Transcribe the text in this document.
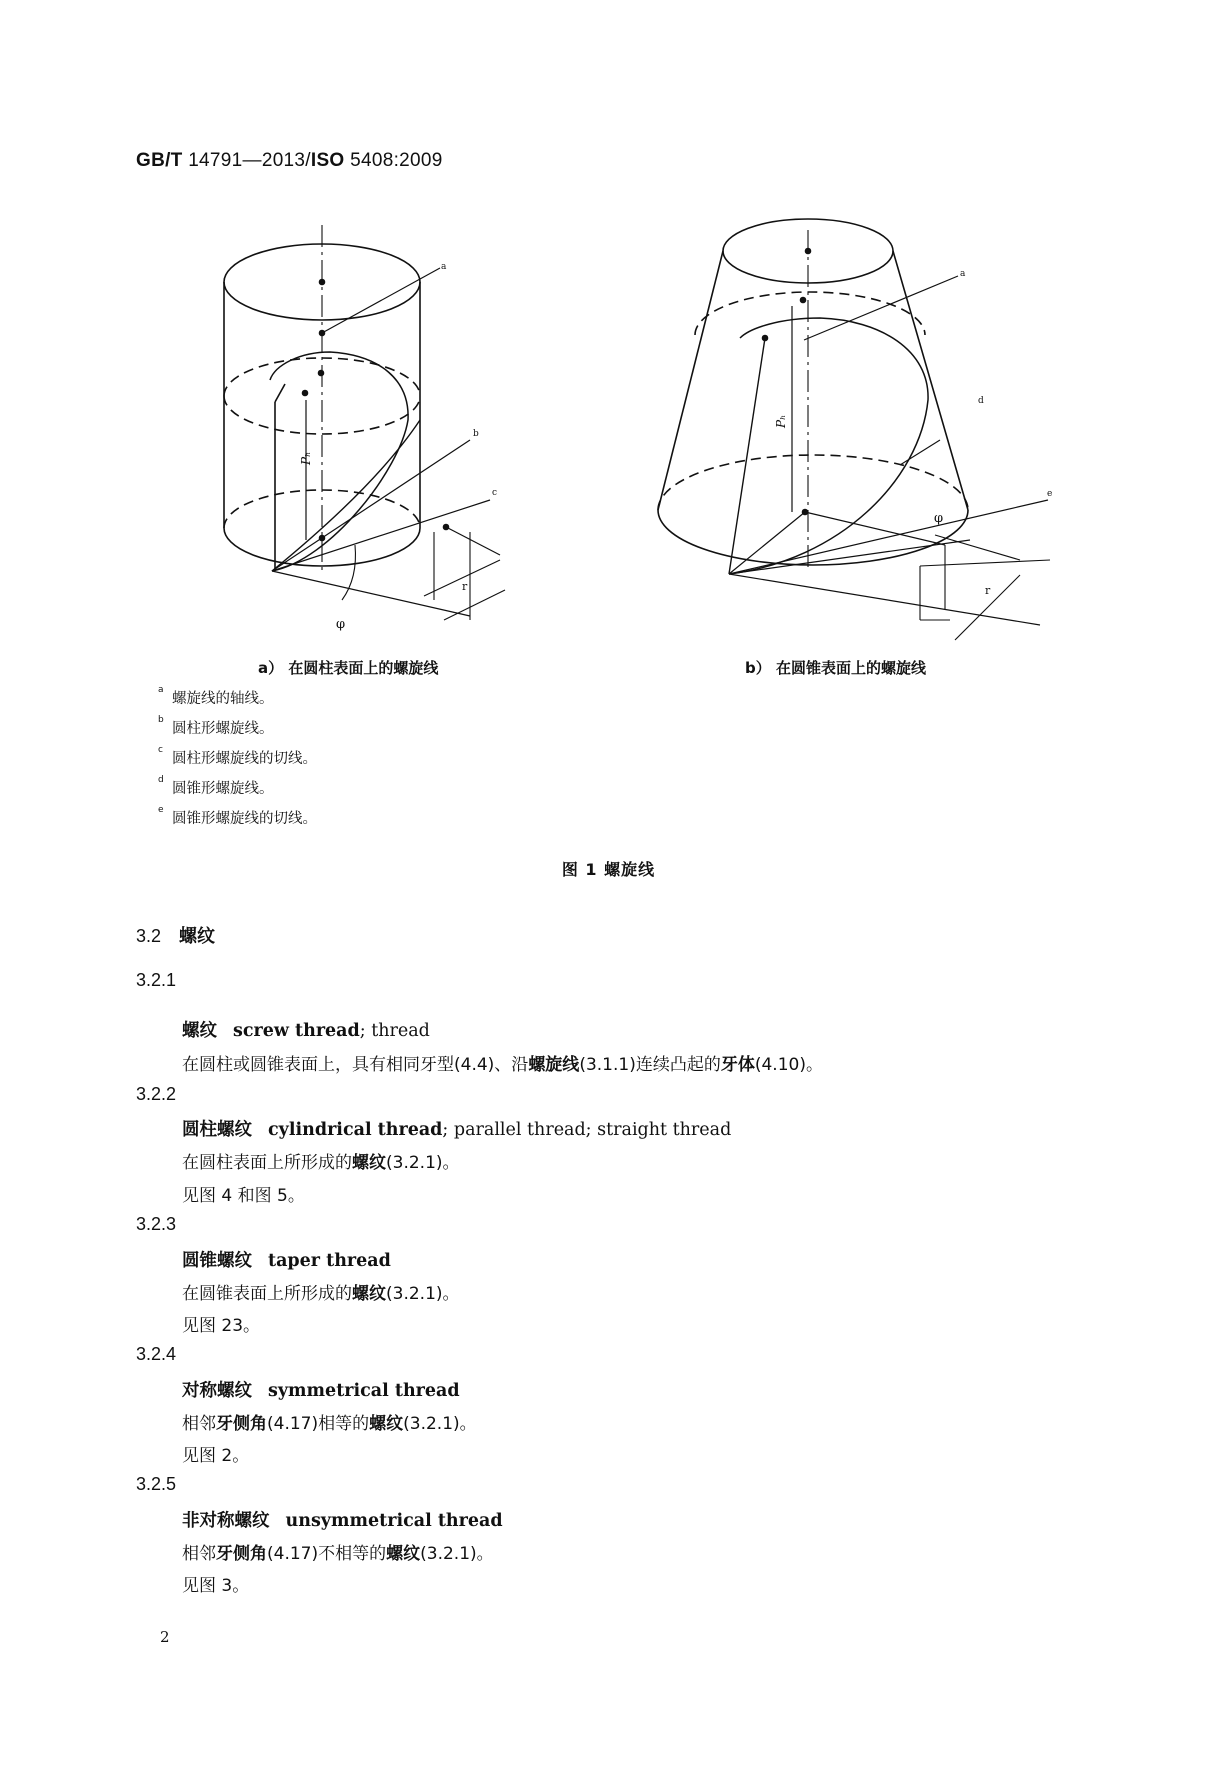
GB/T 14791—2013/ISO 5408:2009
Pₕ
φ
r
a
b
c
Pₕ
φ
r
a
d
e
a） 在圆柱表面上的螺旋线	b） 在圆锥表面上的螺旋线
a
螺旋线的轴线。
b
圆柱形螺旋线。
c
圆柱形螺旋线的切线。
d
圆锥形螺旋线。
e
圆锥形螺旋线的切线。
图 1 螺旋线
3.2 螺纹
3.2.1
螺纹 screw thread; thread
在圆柱或圆锥表面上，具有相同牙型(4.4)、沿螺旋线(3.1.1)连续凸起的牙体(4.10)。
3.2.2
圆柱螺纹 cylindrical thread; parallel thread; straight thread
在圆柱表面上所形成的螺纹(3.2.1)。
见图 4 和图 5。
3.2.3
圆锥螺纹 taper thread
在圆锥表面上所形成的螺纹(3.2.1)。
见图 23。
3.2.4
对称螺纹 symmetrical thread
相邻牙侧角(4.17)相等的螺纹(3.2.1)。
见图 2。
3.2.5
非对称螺纹 unsymmetrical thread
相邻牙侧角(4.17)不相等的螺纹(3.2.1)。
见图 3。
2
